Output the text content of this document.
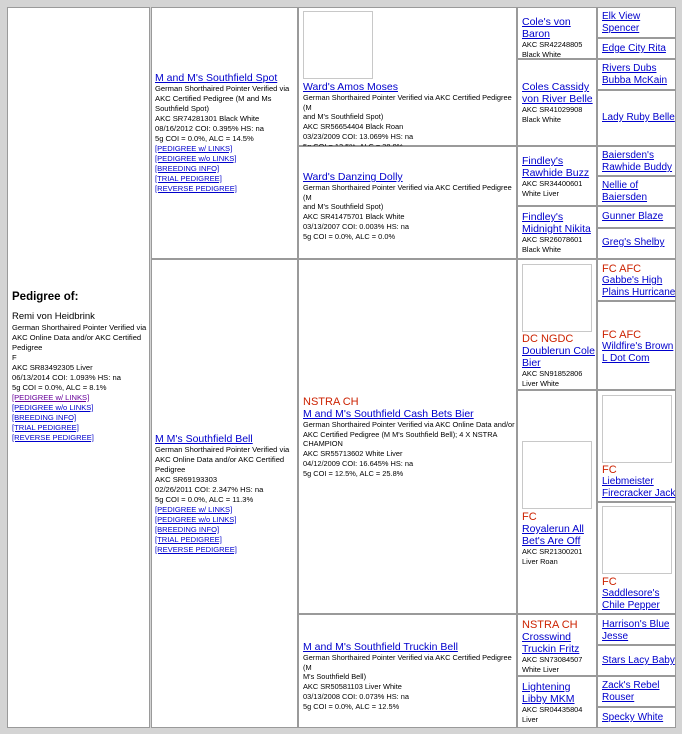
Pedigree of:
Remi von Heidbrink
German Shorthaired Pointer Verified via
AKC Online Data and/or AKC Certified
Pedigree
F
AKC SR83492305 Liver
06/13/2014 COI: 1.093% HS: na
5g COI = 0.0%, ALC = 8.1%
[PEDIGREE w/ LINKS]
[PEDIGREE w/o LINKS]
[BREEDING INFO]
[TRIAL PEDIGREE]
[REVERSE PEDIGREE]
M and M's Southfield Spot
German Shorthaired Pointer Verified via
AKC Certified Pedigree (M and Ms
Southfield Spot)
AKC SR74281301 Black White
08/16/2012 COI: 0.395% HS: na
5g COI = 0.0%, ALC = 14.5%
[PEDIGREE w/ LINKS]
[PEDIGREE w/o LINKS]
[BREEDING INFO]
[TRIAL PEDIGREE]
[REVERSE PEDIGREE]
M M's Southfield Bell
German Shorthaired Pointer Verified via
AKC Online Data and/or AKC Certified
Pedigree
AKC SR69193303
02/26/2011 COI: 2.347% HS: na
5g COI = 0.0%, ALC = 11.3%
[PEDIGREE w/ LINKS]
[PEDIGREE w/o LINKS]
[BREEDING INFO]
[TRIAL PEDIGREE]
[REVERSE PEDIGREE]
Ward's Amos Moses
German Shorthaired Pointer Verified via AKC Certified Pedigree (M
and M's Southfield Spot)
AKC SR56654404 Black Roan
03/23/2009 COI: 13.069% HS: na
Ward's Danzing Dolly
German Shorthaired Pointer Verified via AKC Certified Pedigree (M
and M's Southfield Spot)
AKC SR41475701 Black White
03/13/2007 COI: 0.003% HS: na
5g COI = 0.0%, ALC = 0.0%
NSTRA CH
M and M's Southfield Cash Bets Bier
German Shorthaired Pointer Verified via AKC Online Data and/or
AKC Certified Pedigree (M M's Southfield Bell); 4 X NSTRA
CHAMPION
AKC SR55713602 White Liver
04/12/2009 COI: 16.645% HS: na
5g COI = 12.5%, ALC = 25.8%
M and M's Southfield Truckin Bell
German Shorthaired Pointer Verified via AKC Certified Pedigree (M
M's Southfield Bell)
AKC SR50581103 Liver White
03/13/2008 COI: 0.073% HS: na
5g COI = 0.0%, ALC = 12.5%
Cole's von Baron
AKC SR42248805
Black White
Coles Cassidy von River Belle
AKC SR41029908
Black White
Findley's Rawhide Buzz
AKC SR34400601
White Liver
Findley's Midnight Nikita
AKC SR26078601
Black White
DC NGDC
Doublerun Cole Bier
AKC SN91852806
Liver White
FC
Royalerun All Bet's Are Off
AKC SR21300201
Liver Roan
NSTRA CH
Crosswind Truckin Fritz
AKC SN73084507
White Liver
Lightening Libby MKM
AKC SR04435804
Liver
Elk View Spencer
Edge City Rita
Rivers Dubs Bubba McKain
Lady Ruby Belle
Baiersden's Rawhide Buddy
Nellie of Baiersden
Gunner Blaze
Greg's Shelby
FC AFC
Gabbe's High Plains Hurricane
FC AFC
Wildfire's Brown L Dot Com
FC
Liebmeister Firecracker Jack
FC
Saddlesore's Chile Pepper
Harrison's Blue Jesse
Stars Lacy Baby
Zack's Rebel Rouser
Specky White
